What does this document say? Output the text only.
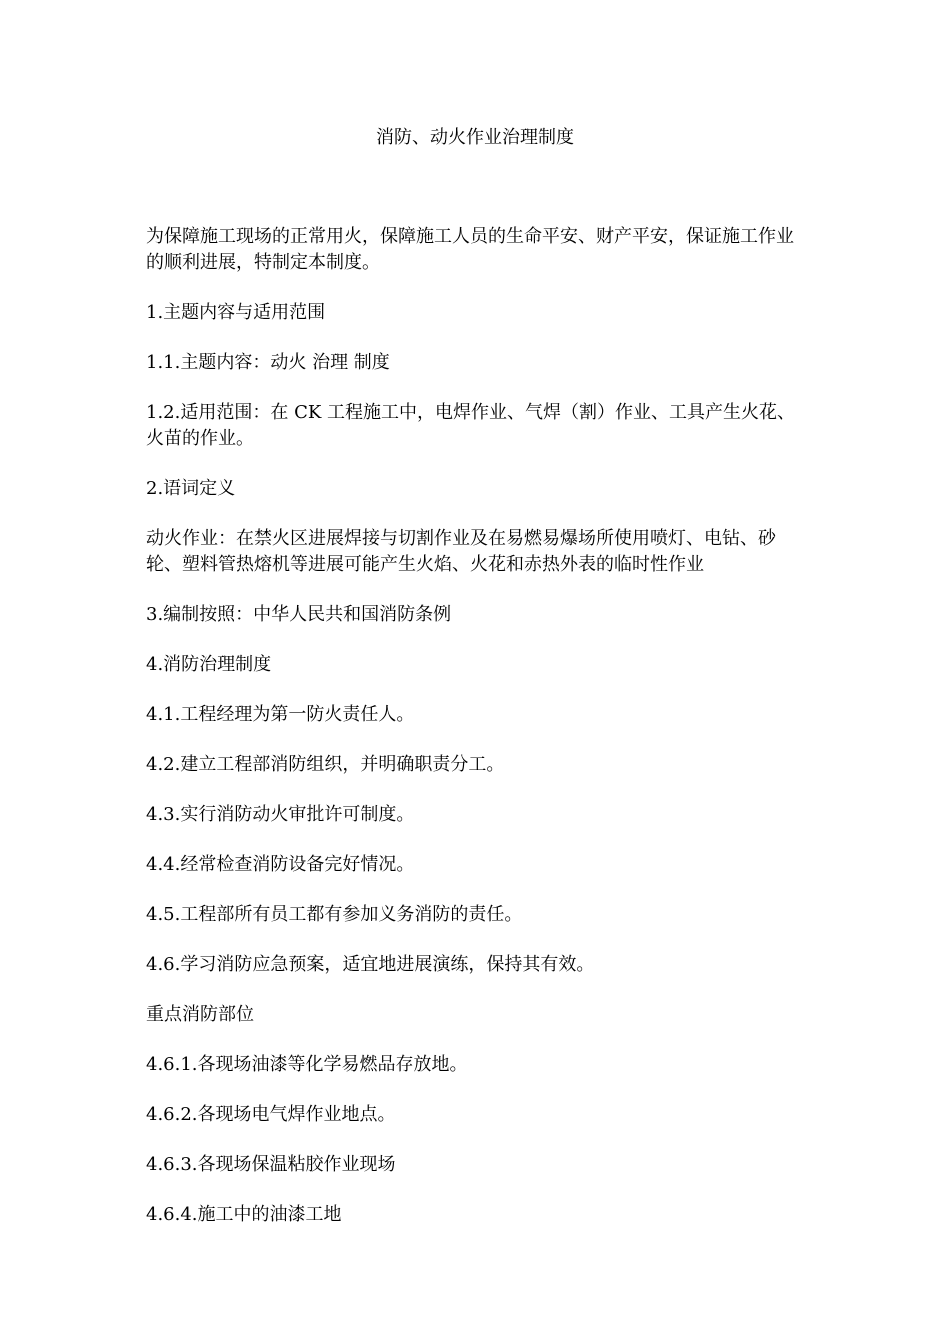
消防、动火作业治理制度

为保障施工现场的正常用火，保障施工人员的生命平安、财产平安，保证施工作业的顺利进展，特制定本制度。

1.主题内容与适用范围

1.1.主题内容：动火 治理 制度

1.2.适用范围：在 CK 工程施工中，电焊作业、气焊（割）作业、工具产生火花、火苗的作业。

2.语词定义

动火作业：在禁火区进展焊接与切割作业及在易燃易爆场所使用喷灯、电钻、砂轮、塑料管热熔机等进展可能产生火焰、火花和赤热外表的临时性作业

3.编制按照：中华人民共和国消防条例

4.消防治理制度

4.1.工程经理为第一防火责任人。

4.2.建立工程部消防组织，并明确职责分工。

4.3.实行消防动火审批许可制度。

4.4.经常检查消防设备完好情况。

4.5.工程部所有员工都有参加义务消防的责任。

4.6.学习消防应急预案，适宜地进展演练，保持其有效。

重点消防部位

4.6.1.各现场油漆等化学易燃品存放地。

4.6.2.各现场电气焊作业地点。

4.6.3.各现场保温粘胶作业现场

4.6.4.施工中的油漆工地
